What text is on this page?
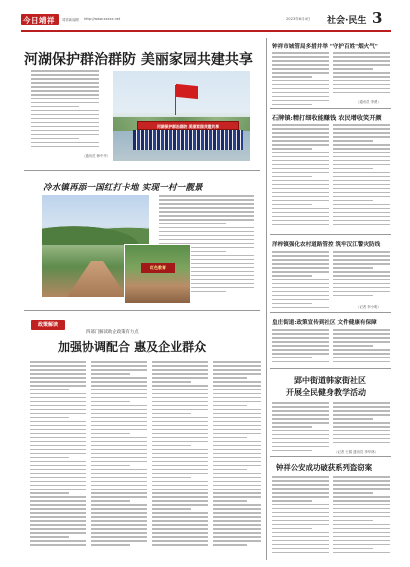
今日靖祥 靖祥新闻网 http://www.xxxxx.net	2023年6月4日 社会·民生 3
河湖保护群治群防 美丽家园共建共享
（通讯员 韩中华）
河湖保护群治群防 美丽家园共建共享
冷水镇再添一国红打卡地 实现一村一靓景
红色教育
政策解读
四部门解读助企政策有力点
加强协调配合 惠及企业群众
钟祥市城管局多措并举 "守护百姓"烟火气"
（通讯员 李勇）
石牌镇:精打细收能赚钱 农民增收笑开颜
洋梓镇强化农村道路管控 筑牢汉江警灾防线
（记者 李小明）
皇庄街道:政策宣传到社区 文件健康有保障
郢中街道韩家街社区
开展全民健身教学活动
（记者 王娟 通讯员 李华林）
钟祥公安成功破获系列盗窃案
